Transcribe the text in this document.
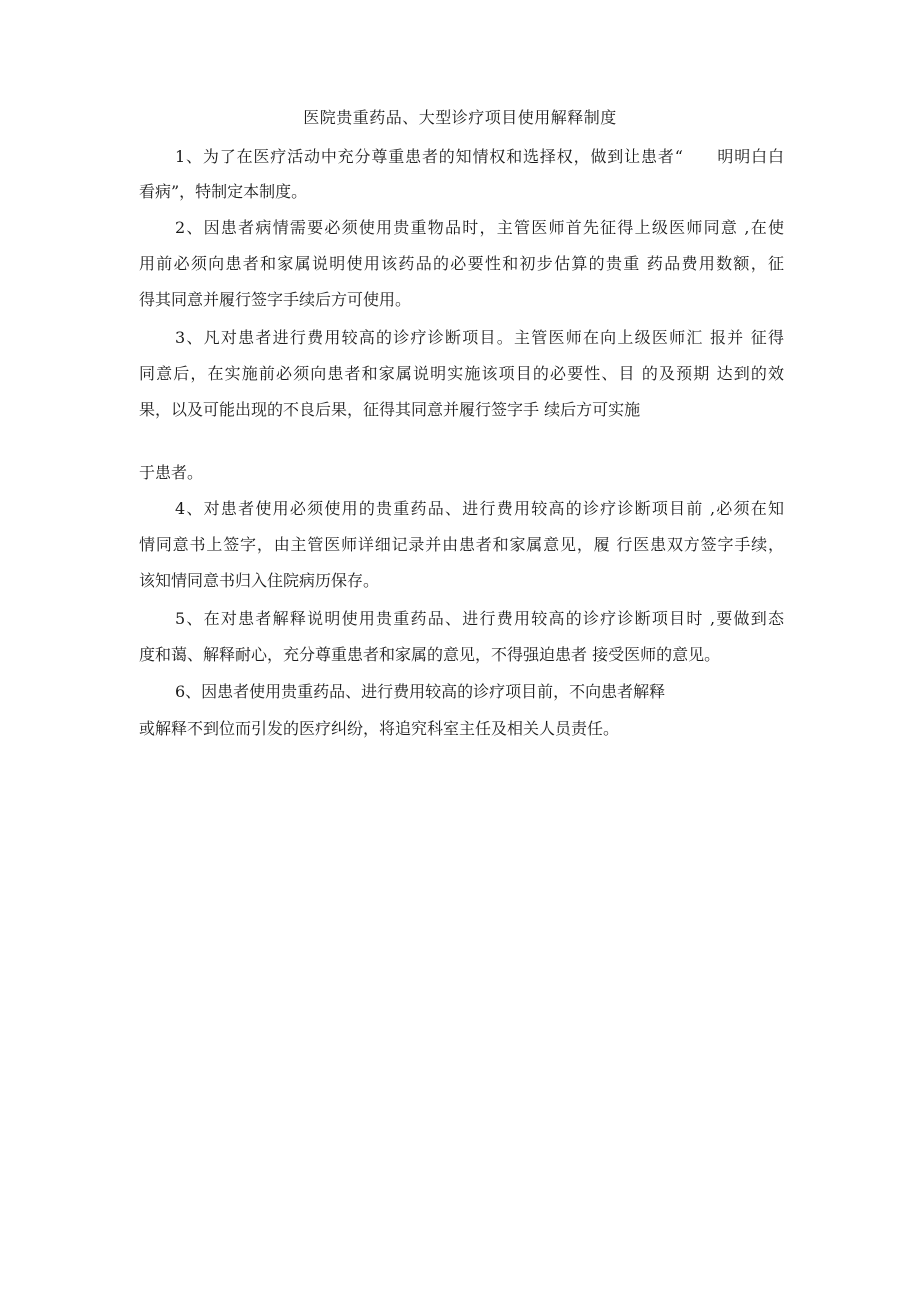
医院贵重药品、大型诊疗项目使用解释制度
1、为了在医疗活动中充分尊重患者的知情权和选择权，做到让患者“　　明明白白
看病”，特制定本制度。
2、因患者病情需要必须使用贵重物品时，主管医师首先征得上级医师同意 ,在使
用前必须向患者和家属说明使用该药品的必要性和初步估算的贵重 药品费用数额，征
得其同意并履行签字手续后方可使用。
3、凡对患者进行费用较高的诊疗诊断项目。主管医师在向上级医师汇 报并 征得
同意后，在实施前必须向患者和家属说明实施该项目的必要性、目 的及预期 达到的效
果，以及可能出现的不良后果，征得其同意并履行签字手 续后方可实施
于患者。
4、对患者使用必须使用的贵重药品、进行费用较高的诊疗诊断项目前 ,必须在知
情同意书上签字，由主管医师详细记录并由患者和家属意见，履 行医患双方签字手续，
该知情同意书归入住院病历保存。
5、在对患者解释说明使用贵重药品、进行费用较高的诊疗诊断项目时 ,要做到态
度和蔼、解释耐心，充分尊重患者和家属的意见，不得强迫患者 接受医师的意见。
6、因患者使用贵重药品、进行费用较高的诊疗项目前，不向患者解释
或解释不到位而引发的医疗纠纷，将追究科室主任及相关人员责任。
